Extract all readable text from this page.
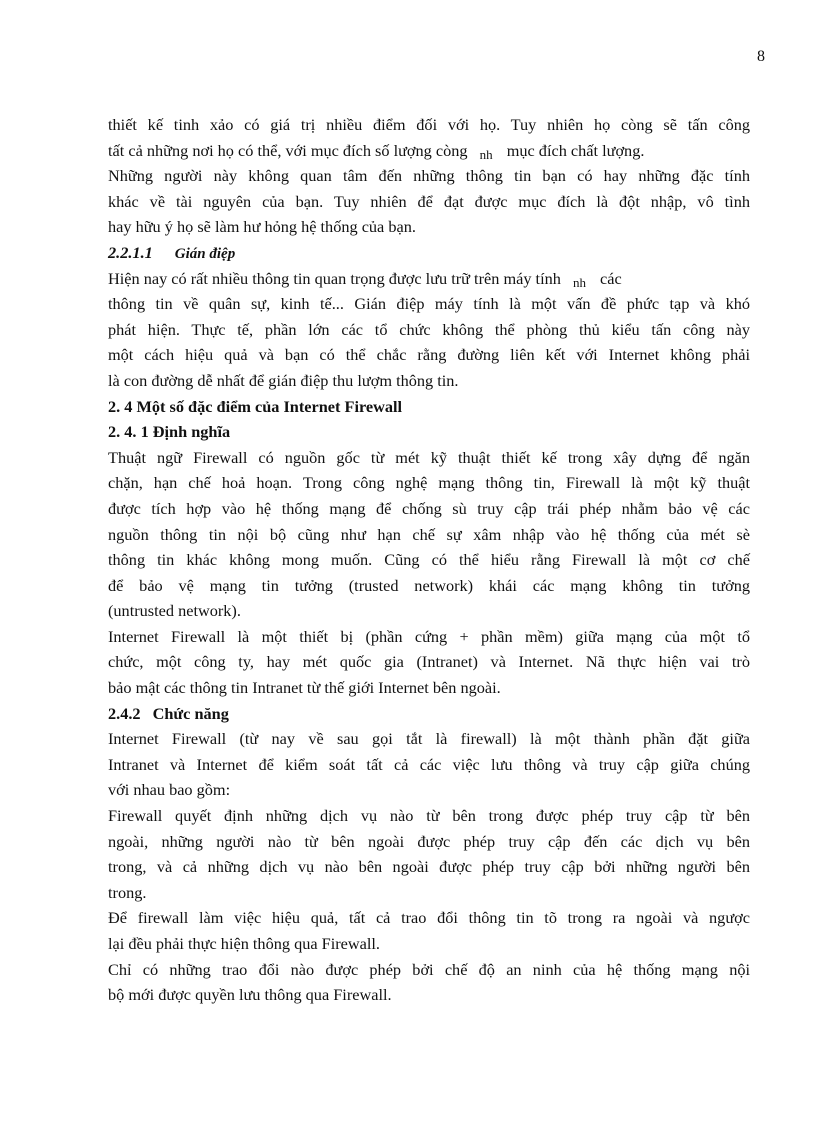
8
thiết kế tinh xảo có giá trị nhiều điểm đối với họ. Tuy nhiên họ còng sẽ tấn công
tất cả những nơi họ có thể, với mục đích số lượng còng nh mục đích chất lượng.
Những người này không quan tâm đến những thông tin bạn có hay những đặc tính
khác về tài nguyên của bạn. Tuy nhiên để đạt được mục đích là đột nhập, vô tình
hay hữu ý họ sẽ làm hư hỏng hệ thống của bạn.
2.2.1.1 Gián điệp
Hiện nay có rất nhiều thông tin quan trọng được lưu trữ trên máy tính nh các
thông tin về quân sự, kinh tế... Gián điệp máy tính là một vấn đề phức tạp và khó
phát hiện. Thực tế, phần lớn các tổ chức không thể phòng thủ kiểu tấn công này
một cách hiệu quả và bạn có thể chắc rằng đường liên kết với Internet không phải
là con đường dễ nhất để gián điệp thu lượm thông tin.
2. 4 Một số đặc điểm của Internet Firewall
2. 4. 1 Định nghĩa
Thuật ngữ Firewall có nguồn gốc từ mét kỹ thuật thiết kế trong xây dựng để ngăn
chặn, hạn chế hoả hoạn. Trong công nghệ mạng thông tin, Firewall là một kỹ thuật
được tích hợp vào hệ thống mạng để chống sù truy cập trái phép nhằm bảo vệ các
nguồn thông tin nội bộ cũng như hạn chế sự xâm nhập vào hệ thống của mét sè
thông tin khác không mong muốn. Cũng có thể hiểu rằng Firewall là một cơ chế
để bảo vệ mạng tin tưởng (trusted network) khái các mạng không tin tưởng
(untrusted network).
Internet Firewall là một thiết bị (phần cứng + phần mềm) giữa mạng của một tổ
chức, một công ty, hay mét quốc gia (Intranet) và Internet. Nã thực hiện vai trò
bảo mật các thông tin Intranet từ thế giới Internet bên ngoài.
2.4.2 Chức năng
Internet Firewall (từ nay về sau gọi tắt là firewall) là một thành phần đặt giữa
Intranet và Internet để kiểm soát tất cả các việc lưu thông và truy cập giữa chúng
với nhau bao gồm:
Firewall quyết định những dịch vụ nào từ bên trong được phép truy cập từ bên
ngoài, những người nào từ bên ngoài được phép truy cập đến các dịch vụ bên
trong, và cả những dịch vụ nào bên ngoài được phép truy cập bởi những người bên
trong.
Để firewall làm việc hiệu quả, tất cả trao đổi thông tin tõ trong ra ngoài và ngược
lại đều phải thực hiện thông qua Firewall.
Chỉ có những trao đổi nào được phép bởi chế độ an ninh của hệ thống mạng nội
bộ mới được quyền lưu thông qua Firewall.
